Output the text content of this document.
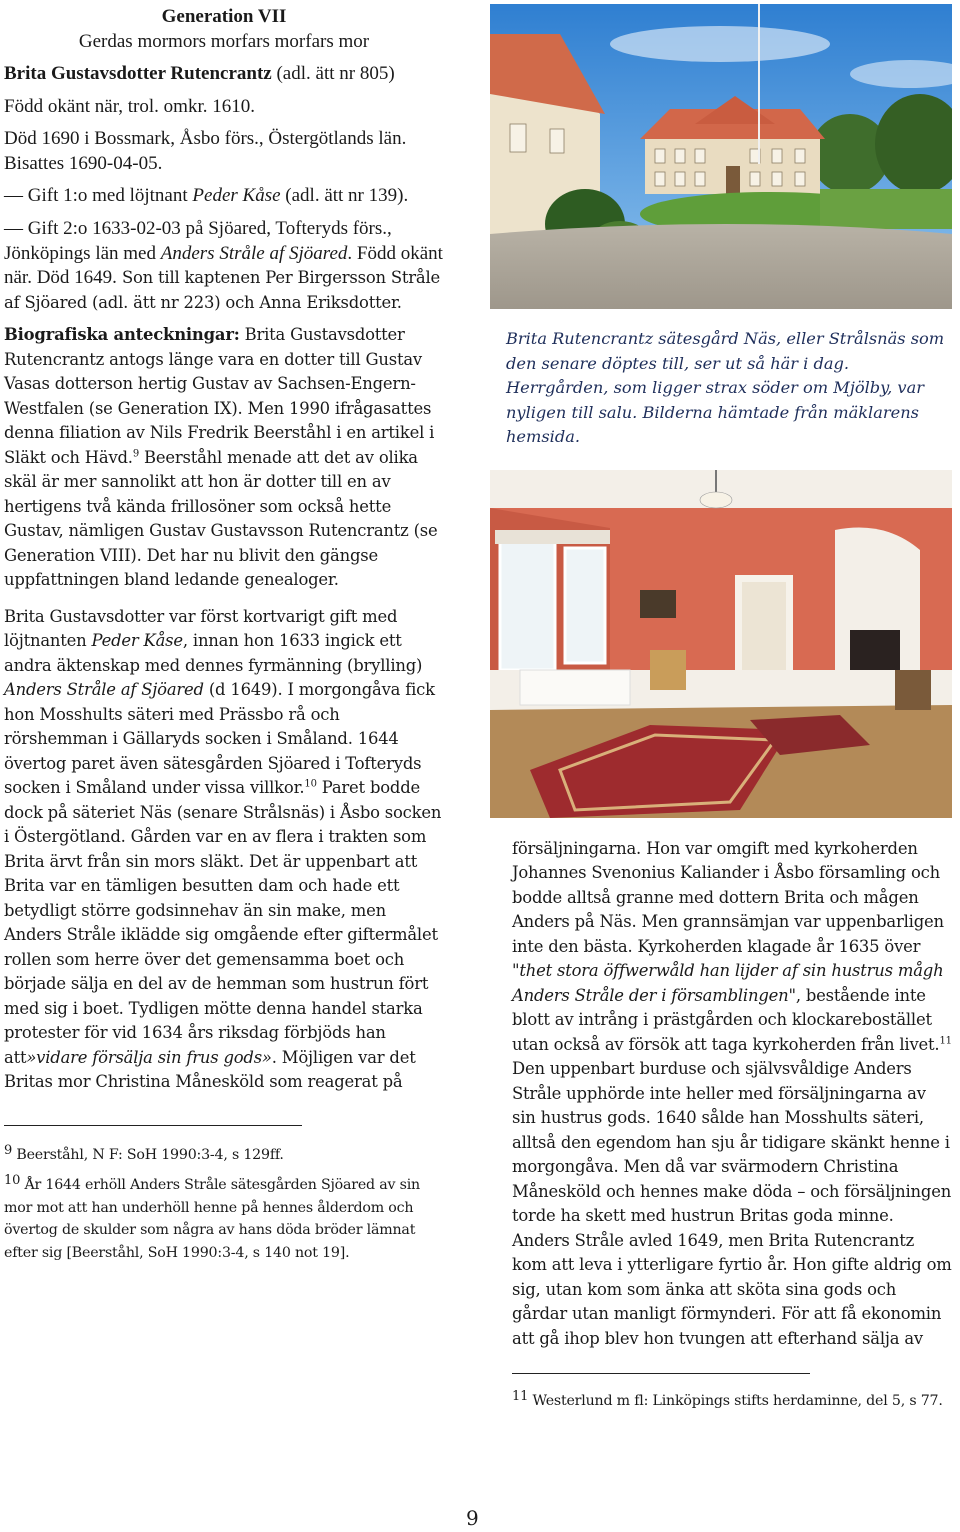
Generation VII
Gerdas mormors morfars morfars mor

Brita Gustavsdotter Rutencrantz (adl. ätt nr 805)

Född okänt när, trol. omkr. 1610.

Död 1690 i Bossmark, Åsbo förs., Östergötlands län. Bisattes 1690-04-05.

— Gift 1:o med löjtnant Peder Kåse (adl. ätt nr 139).

— Gift 2:o 1633-02-03 på Sjöared, Tofteryds förs., Jönköpings län med Anders Stråle af Sjöared. Född okänt när. Död 1649. Son till kaptenen Per Birgersson Stråle af Sjöared (adl. ätt nr 223) och Anna Eriksdotter.

Biografiska anteckningar: Brita Gustavsdotter Rutencrantz antogs länge vara en dotter till Gustav Vasas dotterson hertig Gustav av Sachsen-Engern-Westfalen (se Generation IX). Men 1990 ifrågasattes denna filiation av Nils Fredrik Beerståhl i en artikel i Släkt och Hävd.$^9$ Beerståhl menade att det av olika skäl är mer sannolikt att hon är dotter till en av hertigens två kända frillosöner som också hette Gustav, nämligen Gustav Gustavsson Rutencrantz (se Generation VIII). Det har nu blivit den gängse uppfattningen bland ledande genealoger.

Brita Gustavsdotter var först kortvarigt gift med löjtnanten Peder Kåse, innan hon 1633 ingick ett andra äktenskap med dennes fyrmänning (brylling) Anders Stråle af Sjöared (d 1649). I morgongåva fick hon Mosshults säteri med Prässbo rå och rörshemman i Gällaryds socken i Småland. 1644 övertog paret även sätesgården Sjöared i Tofteryds socken i Småland under vissa villkor.$^{10}$ Paret bodde dock på säteriet Näs (senare Strålsnäs) i Åsbo socken i Östergötland. Gården var en av flera i trakten som Brita ärvt från sin mors släkt. Det är uppenbart att Brita var en tämligen besutten dam och hade ett betydligt större godsinnehav än sin make, men Anders Stråle ikläddе sig omgående efter giftermålet rollen som herre över det gemensamma boet och började sälja en del av de hemman som hustrun fört med sig i boet. Tydligen mötte denna handel starka protester för vid 1634 års riksdag förbjöds han att»vidare försälja sin frus gods». Möjligen var det Britas mor Christina Månesköld som reagerat på

$^9$ Beerståhl, N F: SoH 1990:3-4, s 129ff.

$^{10}$ År 1644 erhöll Anders Stråle sätesgården Sjöared av sin mor mot att han underhöll henne på hennes ålderdom och övertog de skulder som några av hans döda bröder lämnat efter sig [Beerståhl, SoH 1990:3-4, s 140 not 19].

Brita Rutencrantz sätesgård Näs, eller Strålsnäs som den senare döptes till, ser ut så här i dag. Herrgården, som ligger strax söder om Mjölby, var nyligen till salu. Bilderna hämtade från mäklarens hemsida.

försäljningarna. Hon var omgift med kyrkoherden Johannes Svenonius Kaliander i Åsbo församling och bodde alltså granne med dottern Brita och mågen Anders på Näs. Men grannsämjan var uppenbarligen inte den bästa. Kyrkoherden klagade år 1635 över "thet stora öffwerwåld han lijder af sin hustrus mågh Anders Stråle der i församblingen", bestående inte blott av intrång i prästgården och klockareboställеt utan också av försök att taga kyrkoherden från livet.$^{11}$ Den uppenbart burduse och självsvåldige Anders Stråle upphörde inte heller med försäljningarna av sin hustrus gods. 1640 sålde han Mosshults säteri, alltså den egendom han sju år tidigare skänkt henne i morgongåva. Men då var svärmodern Christina Månesköld och hennes make döda – och försäljningen torde ha skett med hustrun Britas goda minne. Anders Stråle avled 1649, men Brita Rutencrantz kom att leva i ytterligare fyrtio år. Hon gifte aldrig om sig, utan kom som änka att sköta sina gods och gårdar utan manligt förmynderi. För att få ekonomin att gå ihop blev hon tvungen att efterhand sälja av

$^{11}$ Westerlund m fl: Linköpings stifts herdaminne, del 5, s 77.

9
